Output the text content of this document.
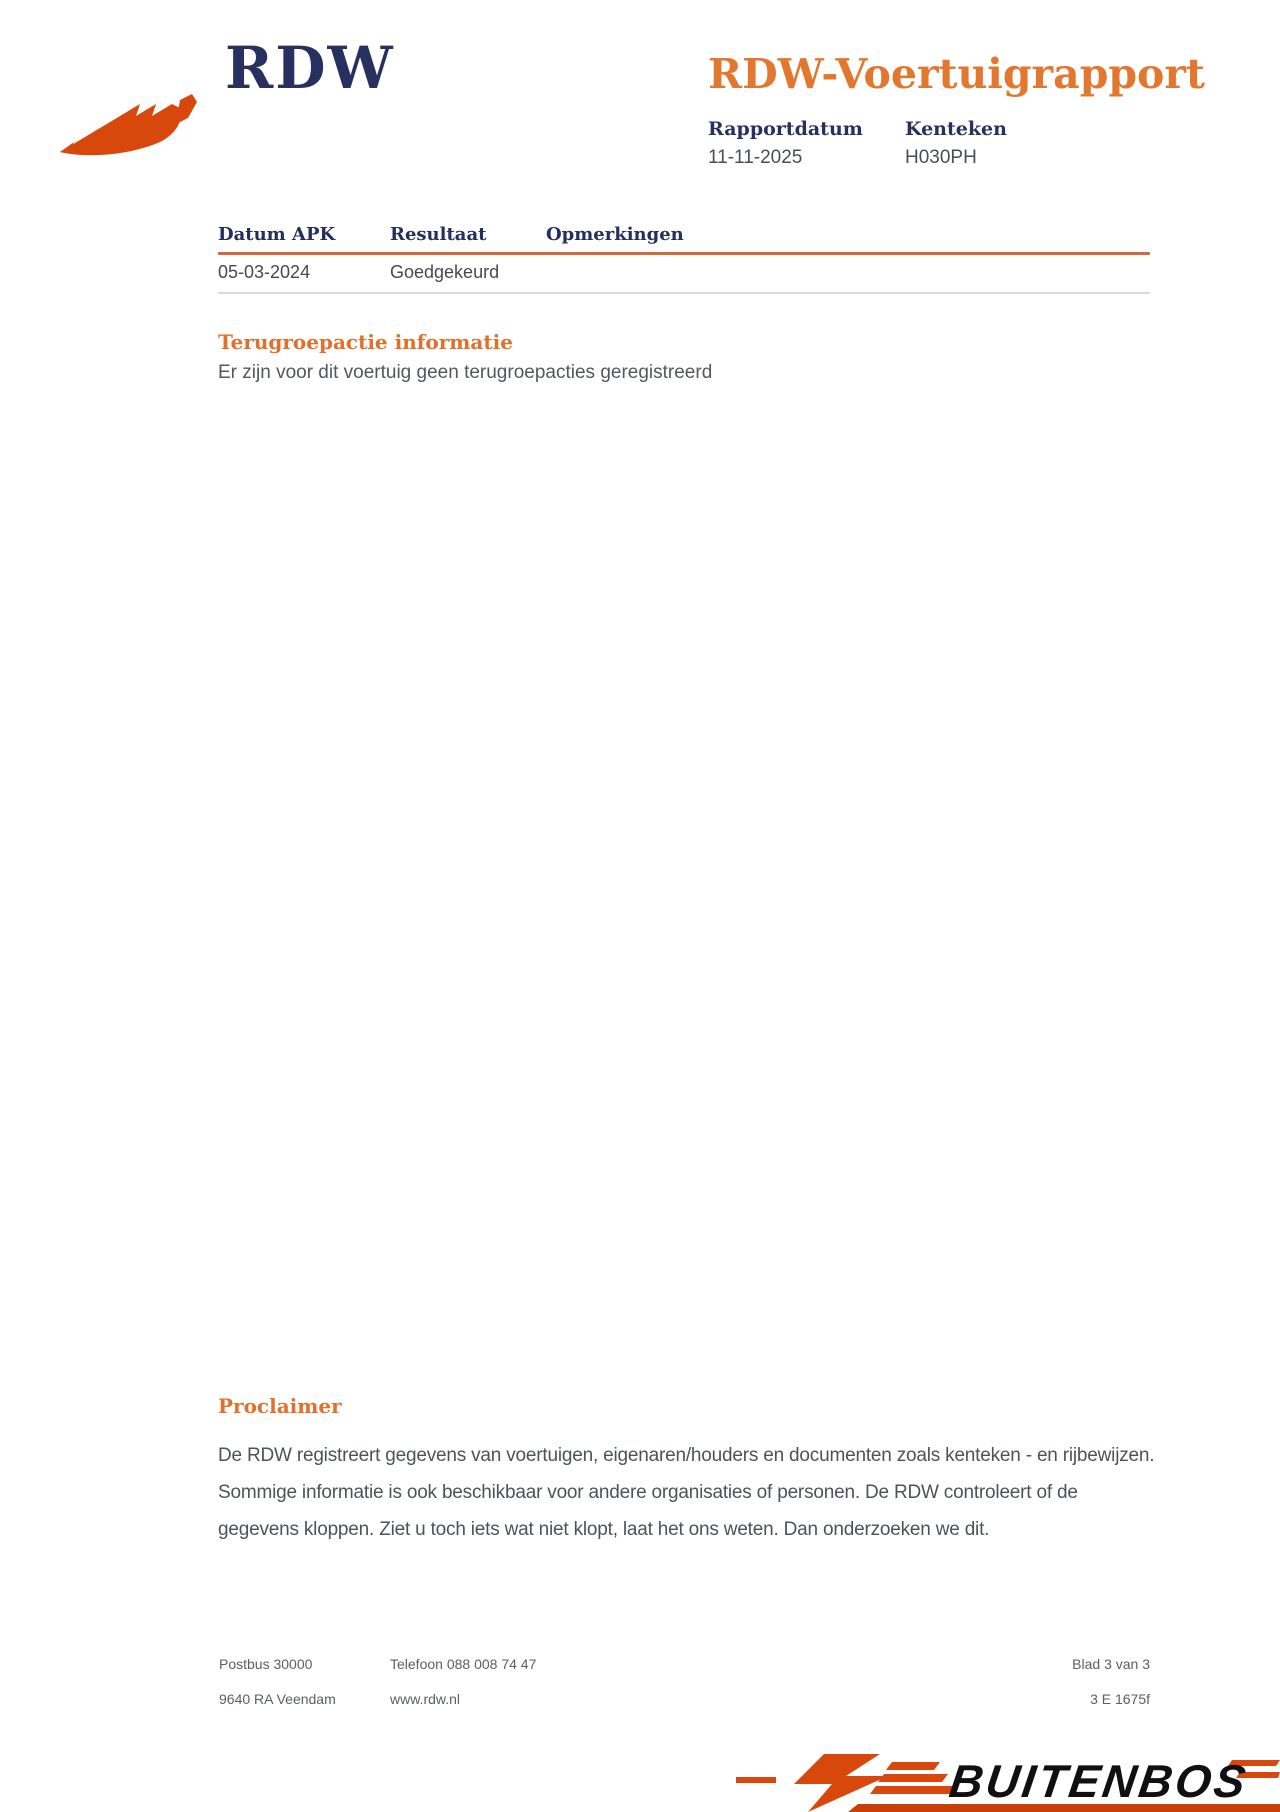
RDW	RDW-Voertuigrapport
Rapportdatum
11-11-2025
Kenteken
H030PH
Datum APK	Resultaat	Opmerkingen
05-03-2024	Goedgekeurd
Terugroepactie informatie

Er zijn voor dit voertuig geen terugroepacties geregistreerd

Proclaimer

De RDW registreert gegevens van voertuigen, eigenaren/houders en documenten zoals kenteken - en rijbewijzen. Sommige informatie is ook beschikbaar voor andere organisaties of personen. De RDW controleert of de gegevens kloppen. Ziet u toch iets wat niet klopt, laat het ons weten. Dan onderzoeken we dit.

Postbus 30000
9640 RA Veendam
Telefoon 088 008 74 47
www.rdw.nl
Blad 3 van 3
3 E 1675f
BUITENBOS
